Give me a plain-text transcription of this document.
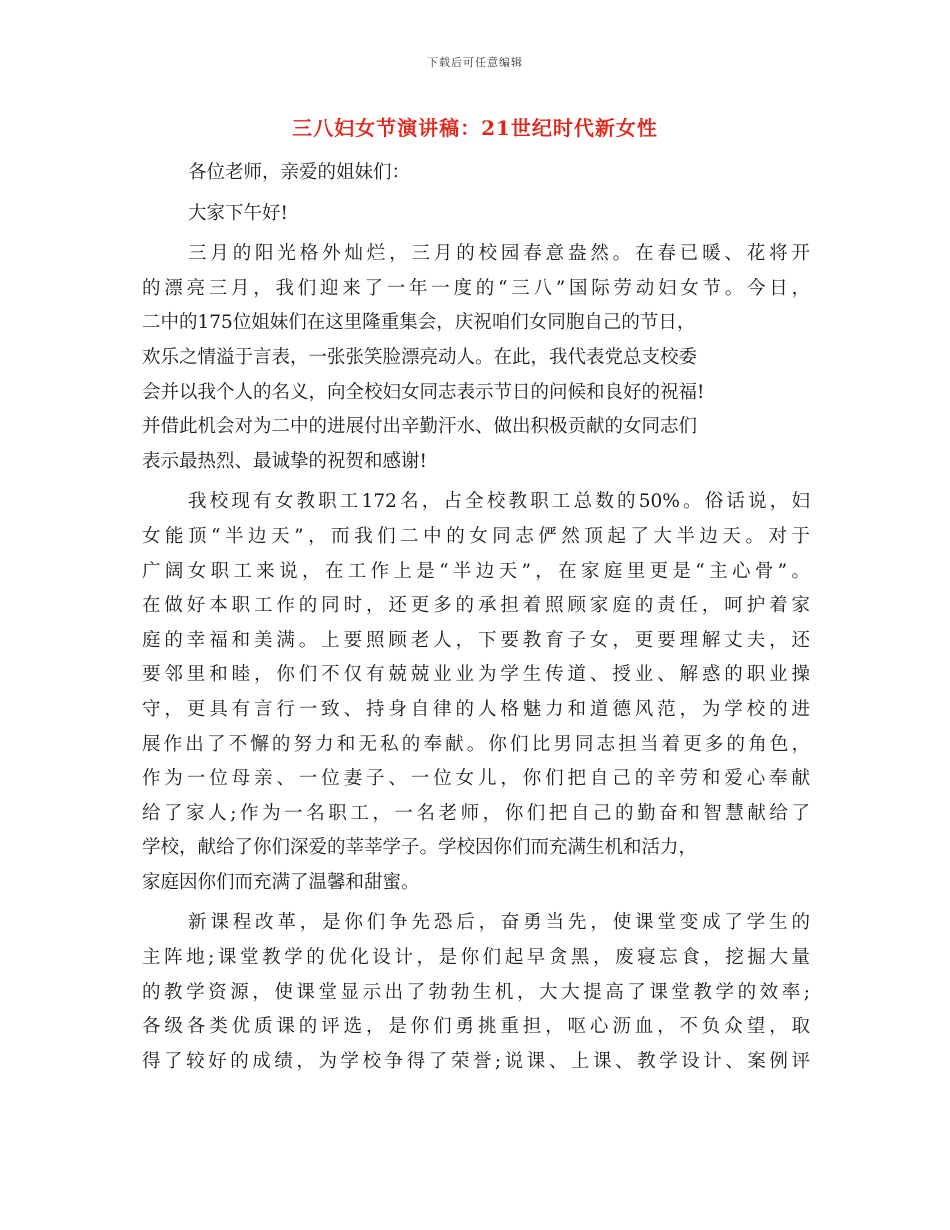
下载后可任意编辑
三八妇女节演讲稿：21世纪时代新女性
各位老师，亲爱的姐妹们：
大家下午好!
三月的阳光格外灿烂，三月的校园春意盎然。在春已暖、花将开
的漂亮三月，我们迎来了一年一度的“三八”国际劳动妇女节。今日，
二中的175位姐妹们在这里隆重集会，庆祝咱们女同胞自己的节日，
欢乐之情溢于言表，一张张笑脸漂亮动人。在此，我代表党总支校委
会并以我个人的名义，向全校妇女同志表示节日的问候和良好的祝福!
并借此机会对为二中的进展付出辛勤汗水、做出积极贡献的女同志们
表示最热烈、最诚挚的祝贺和感谢!
我校现有女教职工172名，占全校教职工总数的50%。俗话说，妇
女能顶“半边天”，而我们二中的女同志俨然顶起了大半边天。对于
广阔女职工来说，在工作上是“半边天”，在家庭里更是“主心骨”。
在做好本职工作的同时，还更多的承担着照顾家庭的责任，呵护着家
庭的幸福和美满。上要照顾老人，下要教育子女，更要理解丈夫，还
要邻里和睦，你们不仅有兢兢业业为学生传道、授业、解惑的职业操
守，更具有言行一致、持身自律的人格魅力和道德风范，为学校的进
展作出了不懈的努力和无私的奉献。你们比男同志担当着更多的角色，
作为一位母亲、一位妻子、一位女儿，你们把自己的辛劳和爱心奉献
给了家人;作为一名职工，一名老师，你们把自己的勤奋和智慧献给了
学校，献给了你们深爱的莘莘学子。学校因你们而充满生机和活力，
家庭因你们而充满了温馨和甜蜜。
新课程改革，是你们争先恐后，奋勇当先，使课堂变成了学生的
主阵地;课堂教学的优化设计，是你们起早贪黑，废寝忘食，挖掘大量
的教学资源，使课堂显示出了勃勃生机，大大提高了课堂教学的效率;
各级各类优质课的评选，是你们勇挑重担，呕心沥血，不负众望，取
得了较好的成绩，为学校争得了荣誉;说课、上课、教学设计、案例评
